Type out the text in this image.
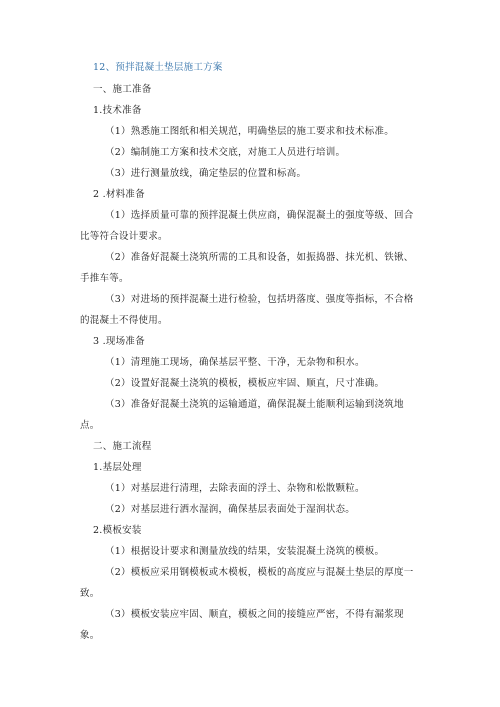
12、预拌混凝土垫层施工方案
一、施工准备
1.技术准备
（1）熟悉施工图纸和相关规范，明确垫层的施工要求和技术标准。
（2）编制施工方案和技术交底，对施工人员进行培训。
（3）进行测量放线，确定垫层的位置和标高。
2 .材料准备
（1）选择质量可靠的预拌混凝土供应商，确保混凝土的强度等级、回合
比等符合设计要求。
（2）准备好混凝土浇筑所需的工具和设备，如振捣器、抹光机、铁锹、
手推车等。
（3）对进场的预拌混凝土进行检验，包括坍落度、强度等指标，不合格
的混凝土不得使用。
3 .现场准备
（1）清理施工现场，确保基层平整、干净，无杂物和积水。
（2）设置好混凝土浇筑的模板，模板应牢固、顺直，尺寸准确。
（3）准备好混凝土浇筑的运输通道，确保混凝土能顺利运输到浇筑地
点。
二、施工流程
1.基层处理
（1）对基层进行清理，去除表面的浮土、杂物和松散颗粒。
（2）对基层进行洒水湿润，确保基层表面处于湿润状态。
2.模板安装
（1）根据设计要求和测量放线的结果，安装混凝土浇筑的模板。
（2）模板应采用钢模板或木模板，模板的高度应与混凝土垫层的厚度一
致。
（3）模板安装应牢固、顺直，模板之间的接缝应严密，不得有漏浆现
象。
